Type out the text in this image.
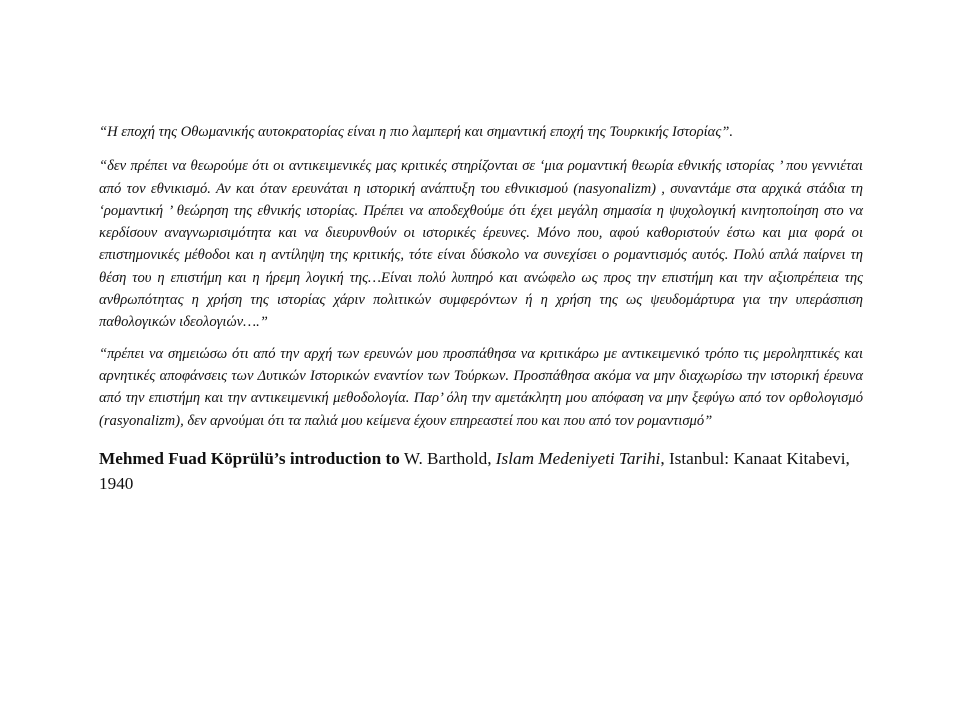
“Η εποχή της Οθωμανικής αυτοκρατορίας είναι η πιο λαμπερή και σημαντική εποχή της Τουρκικής Ιστορίας”.

“δεν πρέπει να θεωρούμε ότι οι αντικειμενικές μας κριτικές στηρίζονται σε ‘μια ρομαντική θεωρία εθνικής ιστορίας ’ που γεννιέται από τον εθνικισμό. Αν και όταν ερευνάται η ιστορική ανάπτυξη του εθνικισμού (nasyonalizm) , συναντάμε στα αρχικά στάδια τη ‘ρομαντική ’ θεώρηση της εθνικής ιστορίας. Πρέπει να αποδεχθούμε ότι έχει μεγάλη σημασία η ψυχολογική κινητοποίηση στο να κερδίσουν αναγνωρισιμότητα και να διευρυνθούν οι ιστορικές έρευνες. Μόνο που, αφού καθοριστούν έστω και μια φορά οι επιστημονικές μέθοδοι και η αντίληψη της κριτικής, τότε είναι δύσκολο να συνεχίσει ο ρομαντισμός αυτός. Πολύ απλά παίρνει τη θέση του η επιστήμη και η ήρεμη λογική της…Είναι πολύ λυπηρό και ανώφελο ως προς την επιστήμη και την αξιοπρέπεια της ανθρωπότητας η χρήση της ιστορίας χάριν πολιτικών συμφερόντων ή η χρήση της ως ψευδομάρτυρα για την υπεράσπιση παθολογικών ιδεολογιών….”

“πρέπει να σημειώσω ότι από την αρχή των ερευνών μου προσπάθησα να κριτικάρω με αντικειμενικό τρόπο τις μεροληπτικές και αρνητικές αποφάνσεις των Δυτικών Ιστορικών εναντίον των Τούρκων. Προσπάθησα ακόμα να μην διαχωρίσω την ιστορική έρευνα από την επιστήμη και την αντικειμενική μεθοδολογία. Παρ’ όλη την αμετάκλητη μου απόφαση να μην ξεφύγω από τον ορθολογισμό (rasyonalizm), δεν αρνούμαι ότι τα παλιά μου κείμενα έχουν επηρεαστεί που και που από τον ρομαντισμό”

Mehmed Fuad Köprülü’s introduction to W. Barthold, Islam Medeniyeti Tarihi, Istanbul: Kanaat Kitabevi, 1940
